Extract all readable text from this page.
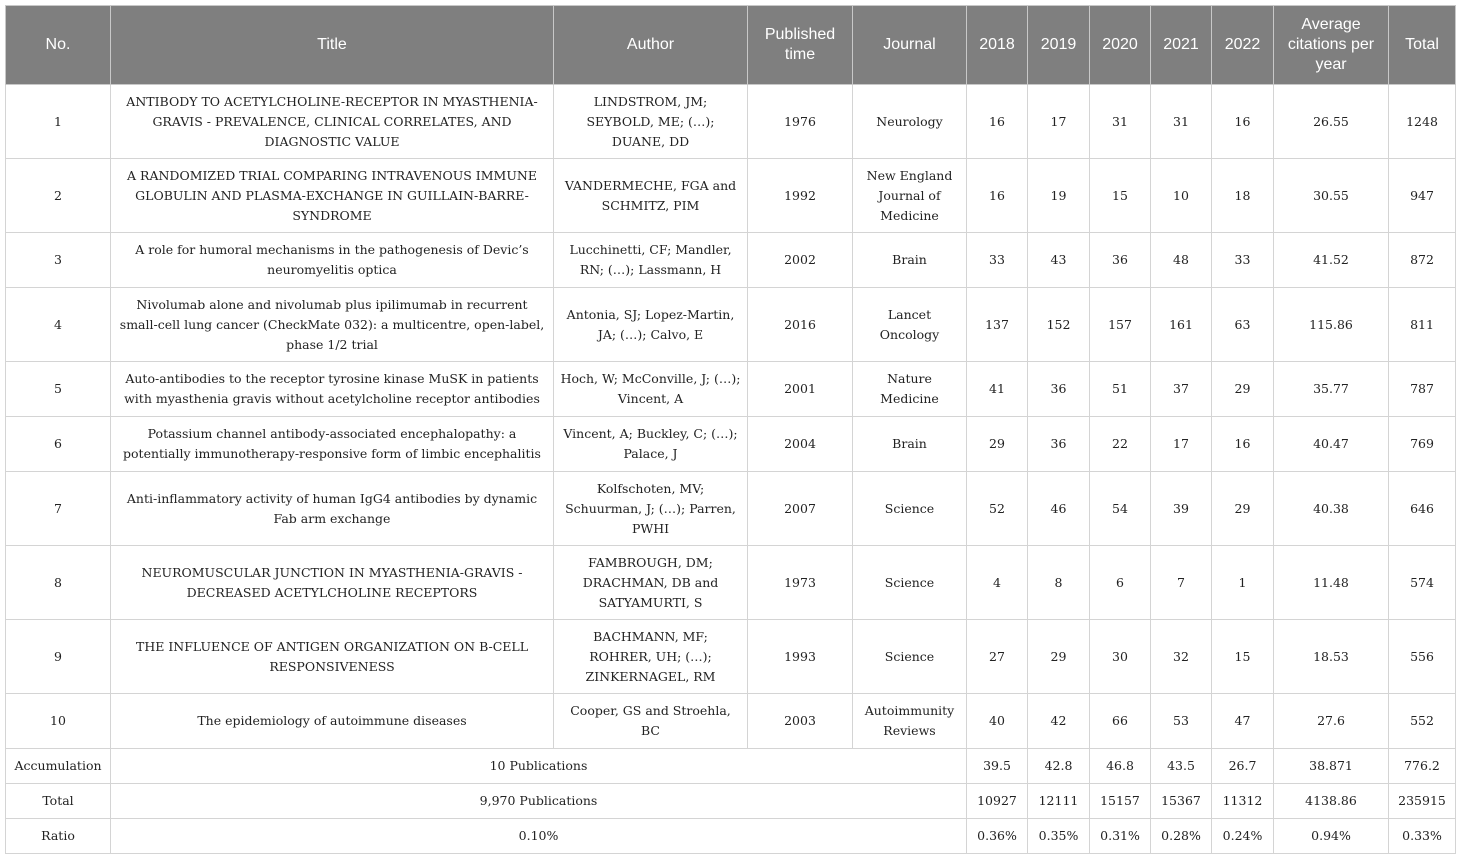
No.	Title	Author	Published time	Journal	2018	2019	2020	2021	2022	Average citations per year	Total
1	ANTIBODY TO ACETYLCHOLINE-RECEPTOR IN MYASTHENIA-GRAVIS - PREVALENCE, CLINICAL CORRELATES, AND DIAGNOSTIC VALUE	LINDSTROM, JM; SEYBOLD, ME; (…); DUANE, DD	1976	Neurology	16	17	31	31	16	26.55	1248
2	A RANDOMIZED TRIAL COMPARING INTRAVENOUS IMMUNE GLOBULIN AND PLASMA-EXCHANGE IN GUILLAIN-BARRE-SYNDROME	VANDERMECHE, FGA and SCHMITZ, PIM	1992	New England Journal of Medicine	16	19	15	10	18	30.55	947
3	A role for humoral mechanisms in the pathogenesis of Devic’s neuromyelitis optica	Lucchinetti, CF; Mandler, RN; (…); Lassmann, H	2002	Brain	33	43	36	48	33	41.52	872
4	Nivolumab alone and nivolumab plus ipilimumab in recurrent small-cell lung cancer (CheckMate 032): a multicentre, open-label, phase 1/2 trial	Antonia, SJ; Lopez-Martin, JA; (…); Calvo, E	2016	Lancet Oncology	137	152	157	161	63	115.86	811
5	Auto-antibodies to the receptor tyrosine kinase MuSK in patients with myasthenia gravis without acetylcholine receptor antibodies	Hoch, W; McConville, J; (…); Vincent, A	2001	Nature Medicine	41	36	51	37	29	35.77	787
6	Potassium channel antibody-associated encephalopathy: a potentially immunotherapy-responsive form of limbic encephalitis	Vincent, A; Buckley, C; (…); Palace, J	2004	Brain	29	36	22	17	16	40.47	769
7	Anti-inflammatory activity of human IgG4 antibodies by dynamic Fab arm exchange	Kolfschoten, MV; Schuurman, J; (…); Parren, PWHI	2007	Science	52	46	54	39	29	40.38	646
8	NEUROMUSCULAR JUNCTION IN MYASTHENIA-GRAVIS - DECREASED ACETYLCHOLINE RECEPTORS	FAMBROUGH, DM; DRACHMAN, DB and SATYAMURTI, S	1973	Science	4	8	6	7	1	11.48	574
9	THE INFLUENCE OF ANTIGEN ORGANIZATION ON B-CELL RESPONSIVENESS	BACHMANN, MF; ROHRER, UH; (…); ZINKERNAGEL, RM	1993	Science	27	29	30	32	15	18.53	556
10	The epidemiology of autoimmune diseases	Cooper, GS and Stroehla, BC	2003	Autoimmunity Reviews	40	42	66	53	47	27.6	552
Accumulation	10 Publications				39.5	42.8	46.8	43.5	26.7	38.871	776.2
Total	9,970 Publications				10927	12111	15157	15367	11312	4138.86	235915
Ratio	0.10%				0.36%	0.35%	0.31%	0.28%	0.24%	0.94%	0.33%
